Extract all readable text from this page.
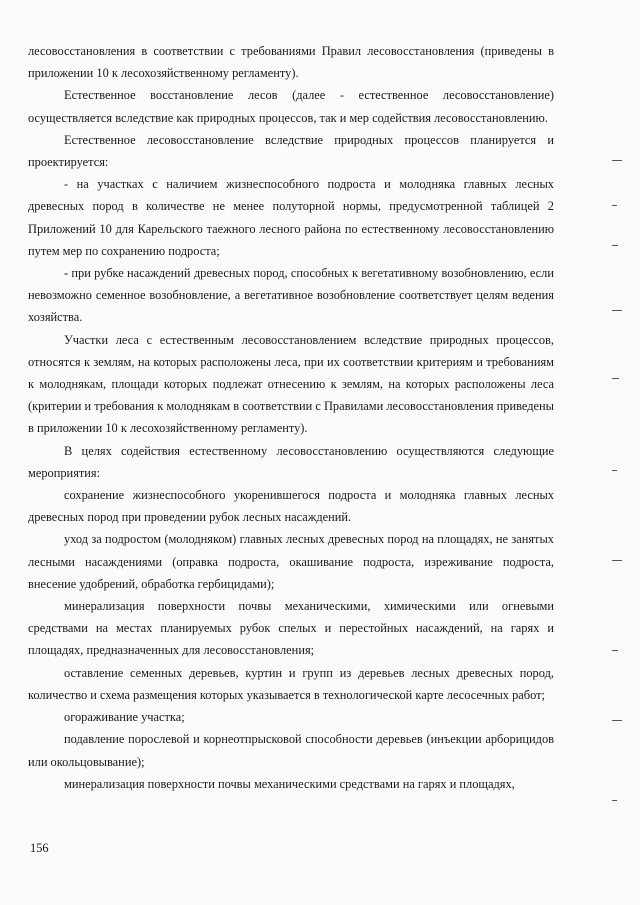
лесовосстановления в соответствии с требованиями Правил лесовосстановления (приведены в приложении 10 к лесохозяйственному регламенту).

Естественное восстановление лесов (далее - естественное лесовосстановление) осуществляется вследствие как природных процессов, так и мер содействия лесовосстановлению.

Естественное лесовосстановление вследствие природных процессов планируется и проектируется:

- на участках с наличием жизнеспособного подроста и молодняка главных лесных древесных пород в количестве не менее полуторной нормы, предусмотренной таблицей 2 Приложений 10 для Карельского таежного лесного района по естественному лесовосстановлению путем мер по сохранению подроста;

- при рубке насаждений древесных пород, способных к вегетативному возобновлению, если невозможно семенное возобновление, а вегетативное возобновление соответствует целям ведения хозяйства.

Участки леса с естественным лесовосстановлением вследствие природных процессов, относятся к землям, на которых расположены леса, при их соответствии критериям и требованиям к молоднякам, площади которых подлежат отнесению к землям, на которых расположены леса (критерии и требования к молоднякам в соответствии с Правилами лесовосстановления приведены в приложении 10 к лесохозяйственному регламенту).

В целях содействия естественному лесовосстановлению осуществляются следующие мероприятия:

сохранение жизнеспособного укоренившегося подроста и молодняка главных лесных древесных пород при проведении рубок лесных насаждений.

уход за подростом (молодняком) главных лесных древесных пород на площадях, не занятых лесными насаждениями (оправка подроста, окашивание подроста, изреживание подроста, внесение удобрений, обработка гербицидами);

минерализация поверхности почвы механическими, химическими или огневыми средствами на местах планируемых рубок спелых и перестойных насаждений, на гарях и площадях, предназначенных для лесовосстановления;

оставление семенных деревьев, куртин и групп из деревьев лесных древесных пород, количество и схема размещения которых указывается в технологической карте лесосечных работ;

огораживание участка;

подавление порослевой и корнеотпрысковой способности деревьев (инъекции арборицидов или окольцовывание);

минерализация поверхности почвы механическими средствами на гарях и площадях,

156
